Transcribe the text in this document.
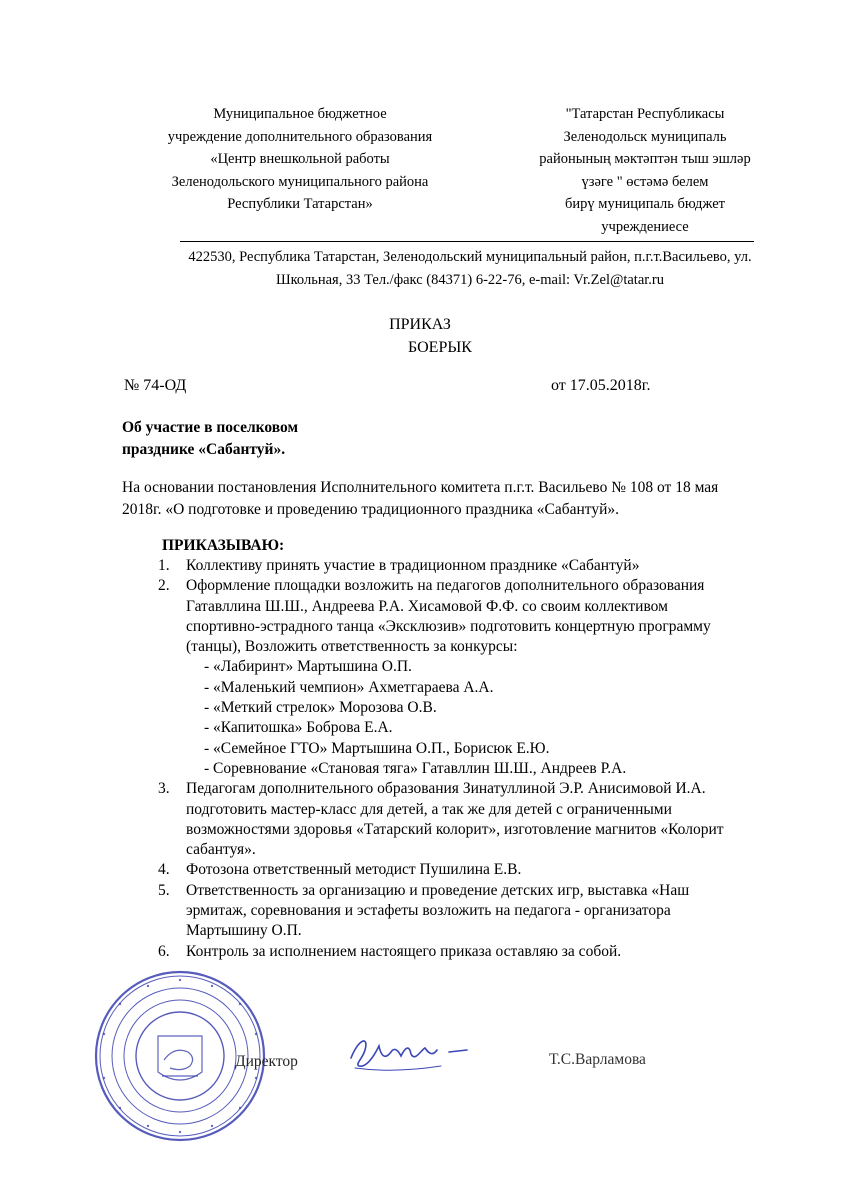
Муниципальное бюджетное
учреждение дополнительного образования
«Центр внешкольной работы
Зеленодольского муниципального района
Республики Татарстан»
"Татарстан Республикасы
Зеленодольск муниципаль
районының мәктәптән тыш эшләр
үзәге " өстәмә белем
бирү муниципаль бюджет
учреждениесе
422530, Республика Татарстан, Зеленодольский муниципальный район, п.г.т.Васильево, ул.
Школьная, 33 Тел./факс (84371) 6-22-76, e-mail: Vr.Zel@tatar.ru
ПРИКАЗ
БОЕРЫК
№ 74-ОД	от 17.05.2018г.
Об участие в поселковом
празднике «Сабантуй».
На основании постановления Исполнительного комитета п.г.т. Васильево № 108 от 18 мая
2018г. «О подготовке и проведению традиционного праздника «Сабантуй».
ПРИКАЗЫВАЮ:
1. Коллективу принять участие в традиционном празднике «Сабантуй»
2. Оформление площадки возложить на педагогов дополнительного образования
Гатавллина Ш.Ш., Андреева Р.А. Хисамовой Ф.Ф. со своим коллективом
спортивно-эстрадного танца «Эксклюзив» подготовить концертную программу
(танцы), Возложить ответственность за конкурсы:
- «Лабиринт» Мартышина О.П.
- «Маленький чемпион» Ахметгараева А.А.
- «Меткий стрелок» Морозова О.В.
- «Капитошка» Боброва Е.А.
- «Семейное ГТО» Мартышина О.П., Борисюк Е.Ю.
- Соревнование «Становая тяга» Гатавллин Ш.Ш., Андреев Р.А.
3. Педагогам дополнительного образования Зинатуллиной Э.Р. Анисимовой И.А.
подготовить мастер-класс для детей, а так же для детей с ограниченными
возможностями здоровья «Татарский колорит», изготовление магнитов «Колорит
сабантуя».
4. Фотозона ответственный методист Пушилина Е.В.
5. Ответственность за организацию и проведение детских игр, выставка «Наш
эрмитаж, соревнования и эстафеты возложить на педагога - организатора
Мартышину О.П.
6. Контроль за исполнением настоящего приказа оставляю за собой.
Директор	Т.С.Варламова
